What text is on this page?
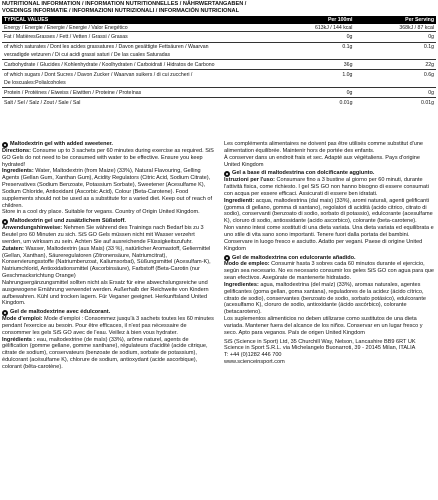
NUTRITIONAL INFORMATION / INFORMATION NUTRITIONNELLES / NÄHRWERTANGABEN /
VOEDINGS INFORMATIE / INFORMAZIONI NUTRIZIONALI / INFORMACIÓN NUTRICIONAL
TYPICAL VALUES	Per 100ml	Per Serving
Energy / Energie / Energie / Energie / Valor Enegético	613kJ / 144 kcal	368kJ / 87 kcal
Fat / MatièresGrasses / Fett / Vetten / Grassi / Grasas	0g	0g
of which saturates / Dont les acides grassatures / Davon gesättigte Fettsäuren / Waarvan	0.1g	0.1g
verzadigde vetzuren / Di cui acidi grassi saturi / De las cuales Saturadas		
Carbohydrate / Glucides / Kohlenhydrate / Koolhydraten / Carboidrati / Hidratos de Carbono	36g	22g
of which sugars / Dont Sucres / Davon Zucker / Waarvan suikers / di cui zuccheri /	1.0g	0.6g
De loscuales:Polialcoholes		
Protein / Protéines / Eiweiss / Eiwitten / Proteine / Proteínas	0g	0g
Salt / Sel / Salz / Zout / Sale / Sal	0.01g	0.01g
Maltodextrin gel with added sweetener.

Directions: Consume up to 3 sachets per 60 minutes during exercise as required. SiS GO Gels do not need to be consumed with water to be effective. Ensure you keep hydrated!

Ingredients: Water, Maltodextrin (from Maize) (33%), Natural Flavouring, Gelling Agents (Gellan Gum, Xanthan Gum), Acidity Regulators (Citric Acid, Sodium Citrate), Preservatives (Sodium Benzoate, Potassium Sorbate), Sweetener (Acesulfame K), Sodium Chloride, Antioxidant (Ascorbic Acid), Colour (Beta-Carotene). Food supplements should not be used as a substitute for a varied diet. Keep out of reach of children.

Store in a cool dry place. Suitable for vegans. Country of Origin United Kingdom.

Maltodextrin gel und zusätzlichem Süßstoff.

Anwendungshinweise: Nehmen Sie während des Trainings nach Bedarf bis zu 3 Beutel pro 60 Minuten zu sich. SiS GO Gels müssen nicht mit Wasser verzehrt werden, um wirksam zu sein. Achten Sie auf ausreichende Flüssigkeitszufuhr.

Zutaten: Wasser, Maltodextrin (aus Mais) (33 %), natürlicher Aromastoff, Geliermittel (Gellan, Xanthan), Säureregulatoren (Zitronensäure, Natriumcitrat), Konservierungsstoffe (Natriumbenzoat, Kaliumsorbat), Süßungsmittel (Acesulfam-K), Natriumchlorid, Antioxidationsmittel (Ascorbinsäure), Farbstoff (Beta-Carotin (nur Geschmacksrichtung Orange)

Nahrungsergänzungsmittel sollten nicht als Ersatz für eine abwechslungsreiche und ausgewogene Ernährung verwendet werden. Außerhalb der Reichweite von Kindern aufbewahren. Kühl und trocken lagern. Für Veganer geeignet. Herkunftsland United Kingdom.

Gel de maltodextrine avec édulcorant.

Mode d'emploi: Mode d'emploi : Consommez jusqu'à 3 sachets toutes les 60 minutes pendant l'exercice au besoin. Pour être efficaces, il n'est pas nécessaire de consommer les gels SiS GO avec de l'eau. Veillez à bien vous hydrater.

Ingrédients : eau, maltodextrine (de maïs) (33%), arôme naturel, agents de gélification (gomme gellane, gomme xanthane), régulateurs d'acidité (acide citrique, citrate de sodium), conservateurs (benzoate de sodium, sorbate de potassium), édulcorant (acésulfame K), chlorure de sodium, antioxydant (acide ascorbique), colorant (bêta-carotène).

Les compléments alimentaires ne doivent pas être utilisés comme substitut d'une alimentation équilibrée. Maintenir hors de portée des enfants.

À conserver dans un endroit frais et sec. Adapté aux végétaliens. Pays d'origine United Kingdom

Gel a base di maltodestrina con dolcificante aggiunto.

Istruzioni per l'uso: Consumare fino a 3 bustine al giorno per 60 minuti, durante l'attività fisica, come richiesto. I gel SiS GO non hanno bisogno di essere consumati con acqua per essere efficaci. Assicurati di essere ben idratati.

Ingredienti: acqua, maltodestrina (dal mais) (33%), aromi naturali, agenti gelificanti (gomma di gellano, gomma di xantano), regolatori di acidità (acido citrico, citrato di sodio), conservanti (benzoato di sodio, sorbato di potassio), edulcorante (acesulfame K), cloruro di sodio, antiossidante (acido ascorbico), colorante (beta-carotene).

Non vanno intesi come sostituti di una dieta variata. Una dieta variata ed equilibrata e uno stile di vita sano sono importanti. Tenere fuori dalla portata dei bambini.

Conservare in luogo fresco e asciutto. Adatto per vegani. Paese di origine United Kingdom

Gel de maltodextrina con edulcorante añadido.

Modo de empleo: Consumir hasta 3 sobres cada 60 minutos durante el ejercicio, según sea necesario. No es necesario consumir los geles SiS GO con agua para que sean efectivos. Asegúrate de mantenerte hidratado.

Ingredientes: agua, maltodextrina (del maíz) (33%), aromas naturales, agentes gelificantes (goma gellan, goma xantana), reguladores de la acidez (ácido cítrico, citrato de sodio), conservantes (benzoato de sodio, sorbato potásico), edulcorante (acesulfamo K), cloruro de sodio, antioxidante (ácido ascórbico), colorante (betacaroteno).

Los suplementos alimenticios no deben utilizarse como sustitutos de una dieta variada. Mantener fuera del alcance de los niños. Conservar en un lugar fresco y seco. Apto para veganos. País de origen United Kingdom

SiS (Science in Sport) Ltd, 35 Churchill Way, Nelson, Lancashire BB9 6RT UK

Science in Sport S.R.L. via Michelangelo Buonarroti, 39 - 20145 Milan, ITALIA

T: +44 (0)1282 446 700

www.scienceinsport.com
